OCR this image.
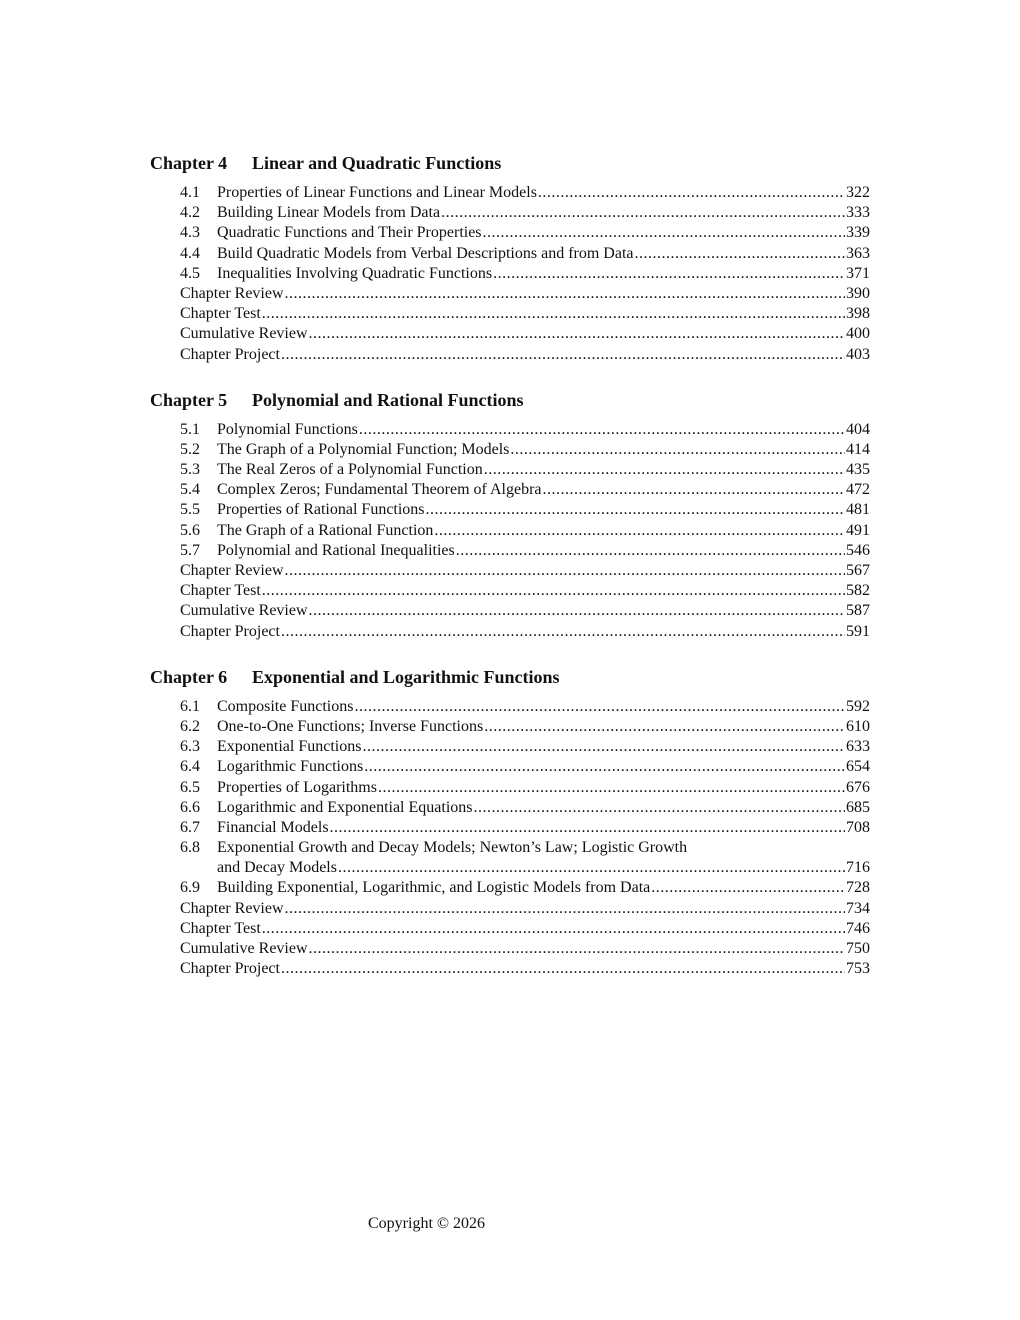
Chapter 4 Linear and Quadratic Functions
4.1	Properties of Linear Functions and Linear Models .....	322
4.2	Building Linear Models from Data .....	333
4.3	Quadratic Functions and Their Properties .....	339
4.4	Build Quadratic Models from Verbal Descriptions and from Data .....	363
4.5	Inequalities Involving Quadratic Functions .....	371
Chapter Review .....	390
Chapter Test .....	398
Cumulative Review .....	400
Chapter Project .....	403
Chapter 5 Polynomial and Rational Functions
5.1	Polynomial Functions .....	404
5.2	The Graph of a Polynomial Function; Models .....	414
5.3	The Real Zeros of a Polynomial Function .....	435
5.4	Complex Zeros; Fundamental Theorem of Algebra .....	472
5.5	Properties of Rational Functions .....	481
5.6	The Graph of a Rational Function .....	491
5.7	Polynomial and Rational Inequalities .....	546
Chapter Review .....	567
Chapter Test .....	582
Cumulative Review .....	587
Chapter Project .....	591
Chapter 6 Exponential and Logarithmic Functions
6.1	Composite Functions .....	592
6.2	One-to-One Functions; Inverse Functions .....	610
6.3	Exponential Functions .....	633
6.4	Logarithmic Functions .....	654
6.5	Properties of Logarithms .....	676
6.6	Logarithmic and Exponential Equations .....	685
6.7	Financial Models .....	708
6.8	Exponential Growth and Decay Models; Newton’s Law; Logistic Growth
and Decay Models .....	716
6.9	Building Exponential, Logarithmic, and Logistic Models from Data .....	728
Chapter Review .....	734
Chapter Test .....	746
Cumulative Review .....	750
Chapter Project .....	753
Copyright © 2026
